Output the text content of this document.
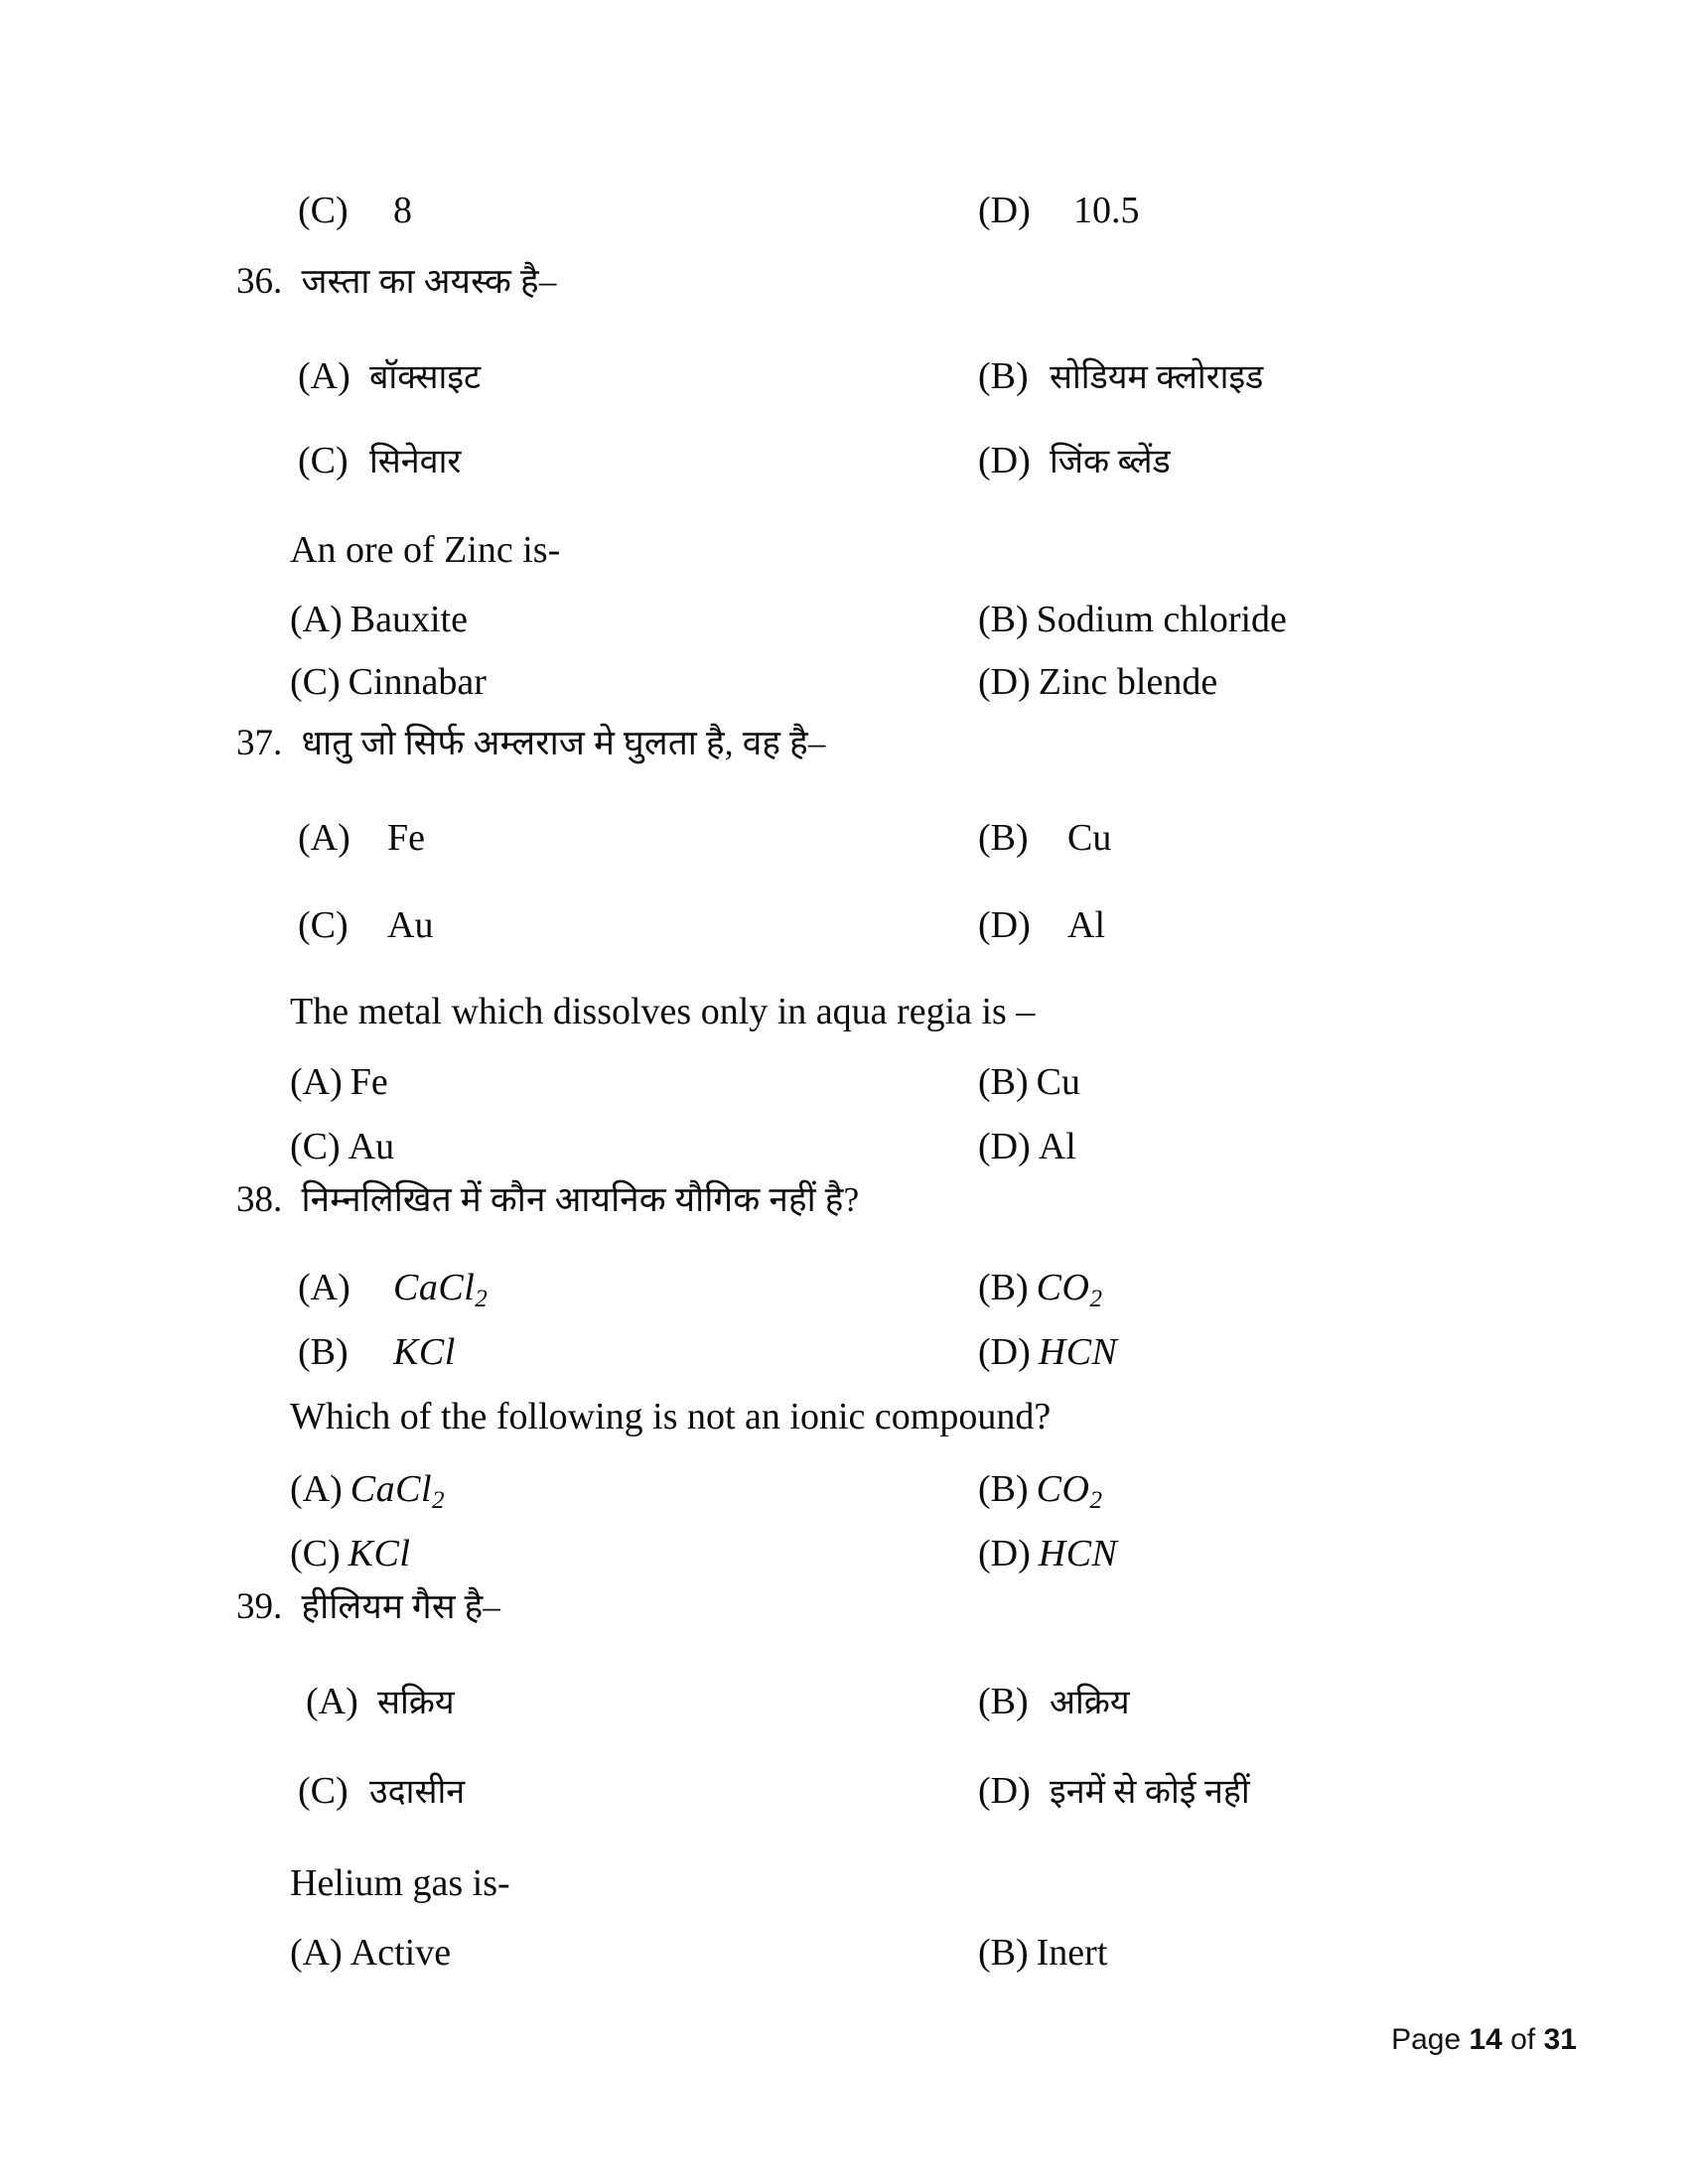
(C)	8	(D)	10.5
36. जस्ता का अयस्क है–
(A) बॉक्साइट	(B) सोडियम क्लोराइड
(C) सिनेवार	(D) जिंक ब्लेंड
An ore of Zinc is-
(A) Bauxite	(B) Sodium chloride
(C) Cinnabar	(D) Zinc blende
37. धातु जो सिर्फ अम्लराज मे घुलता है, वह है–
(A) Fe	(B)	Cu
(C)	Au	(D) Al
The metal which dissolves only in aqua regia is –
(A) Fe	(B) Cu
(C) Au	(D) Al
38. निम्नलिखित में कौन आयनिक यौगिक नहीं है?
(A)	CaCl$_2$	(B) $CO_2$
(B)	KCl	(D) HCN
Which of the following is not an ionic compound?
(A) CaCl$_2$	(B) $CO_2$
(C) KCl	(D) HCN
39. हीलियम गैस है–
(A) सक्रिय	(B) अक्रिय
(C) उदासीन	(D) इनमें से कोई नहीं
Helium gas is-
(A) Active	(B) Inert
Page 14 of 31
